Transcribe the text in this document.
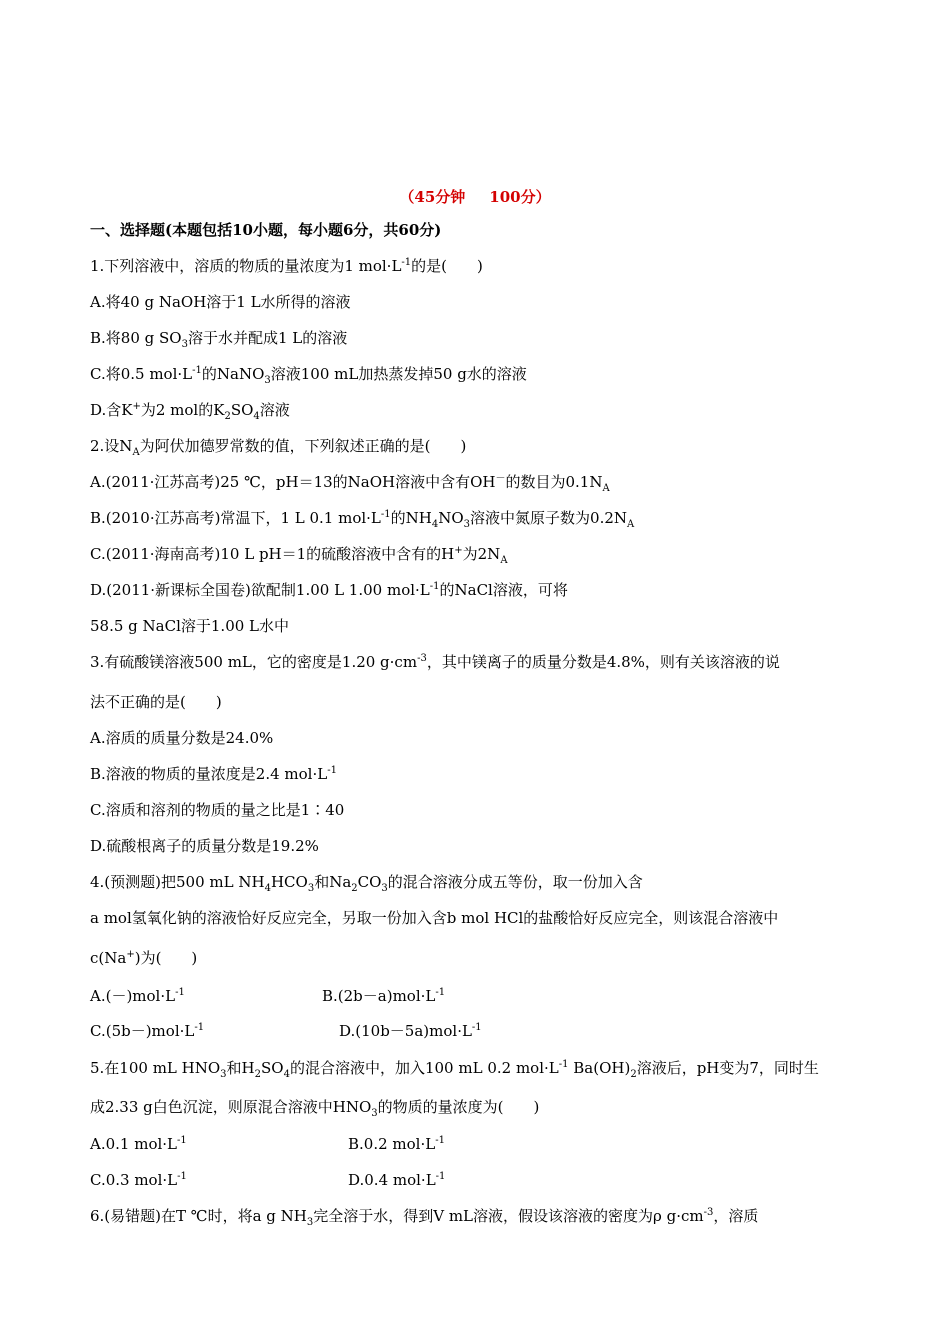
（45分钟 100分）
一、选择题(本题包括10小题，每小题6分，共60分)
1.下列溶液中，溶质的物质的量浓度为1 $mol\cdot L^{-1}$的是(　　)
A.将40 g NaOH溶于1 L水所得的溶液
B.将80 g $SO_3$溶于水并配成1 L的溶液
C.将0.5 $mol\cdot L^{-1}$的NaNO$_3$溶液100 mL加热蒸发掉50 g水的溶液
D.含K+为2 mol的$K_2SO_4$溶液
2.设$N_A$为阿伏加德罗常数的值，下列叙述正确的是(　　)
A.(2011·江苏高考)25 ℃，pH＝13的NaOH溶液中含有OH－的数目为$0.1N_A$
B.(2010·江苏高考)常温下，1 L 0.1 $mol\cdot L^{-1}$的$NH_4NO_3$溶液中氮原子数为$0.2N_A$
C.(2011·海南高考)10 L pH＝1的硫酸溶液中含有的H+为$2N_A$
D.(2011·新课标全国卷)欲配制1.00 L 1.00 $mol\cdot L^{-1}$的NaCl溶液，可将
58.5 g NaCl溶于1.00 L水中
3.有硫酸镁溶液500 mL，它的密度是1.20 $g\cdot cm^{-3}$，其中镁离子的质量分数是4.8%，则有关该溶液的说
法不正确的是(　　)
A.溶质的质量分数是24.0%
B.溶液的物质的量浓度是2.4 $mol\cdot L^{-1}$
C.溶质和溶剂的物质的量之比是1∶40
D.硫酸根离子的质量分数是19.2%
4.(预测题)把500 mL $NH_4HCO_3$和$Na_2CO_3$的混合溶液分成五等份，取一份加入含
a mol氢氧化钠的溶液恰好反应完全，另取一份加入含b mol HCl的盐酸恰好反应完全，则该混合溶液中
c(Na+)为(　　)
$A.(-)mol\cdot L^{-1}$	$B.(2b-a)mol\cdot L^{-1}$
$C.(5b-)mol\cdot L^{-1}$	$D.(10b-5a)mol\cdot L^{-1}$
5.在100 mL $HNO_3$和$H_2SO_4$的混合溶液中，加入100 mL 0.2 $mol\cdot L^{-1}$ $Ba(OH)_2$溶液后，pH变为7，同时生
成2.33 g白色沉淀，则原混合溶液中$HNO_3$的物质的量浓度为(　　)
A.0.1 $mol\cdot L^{-1}$	B.0.2 $mol\cdot L^{-1}$
C.0.3 $mol\cdot L^{-1}$	D.0.4 $mol\cdot L^{-1}$
6.(易错题)在T ℃时，将a g $NH_3$完全溶于水，得到V mL溶液，假设该溶液的密度为ρ $g\cdot cm^{-3}$，溶质
